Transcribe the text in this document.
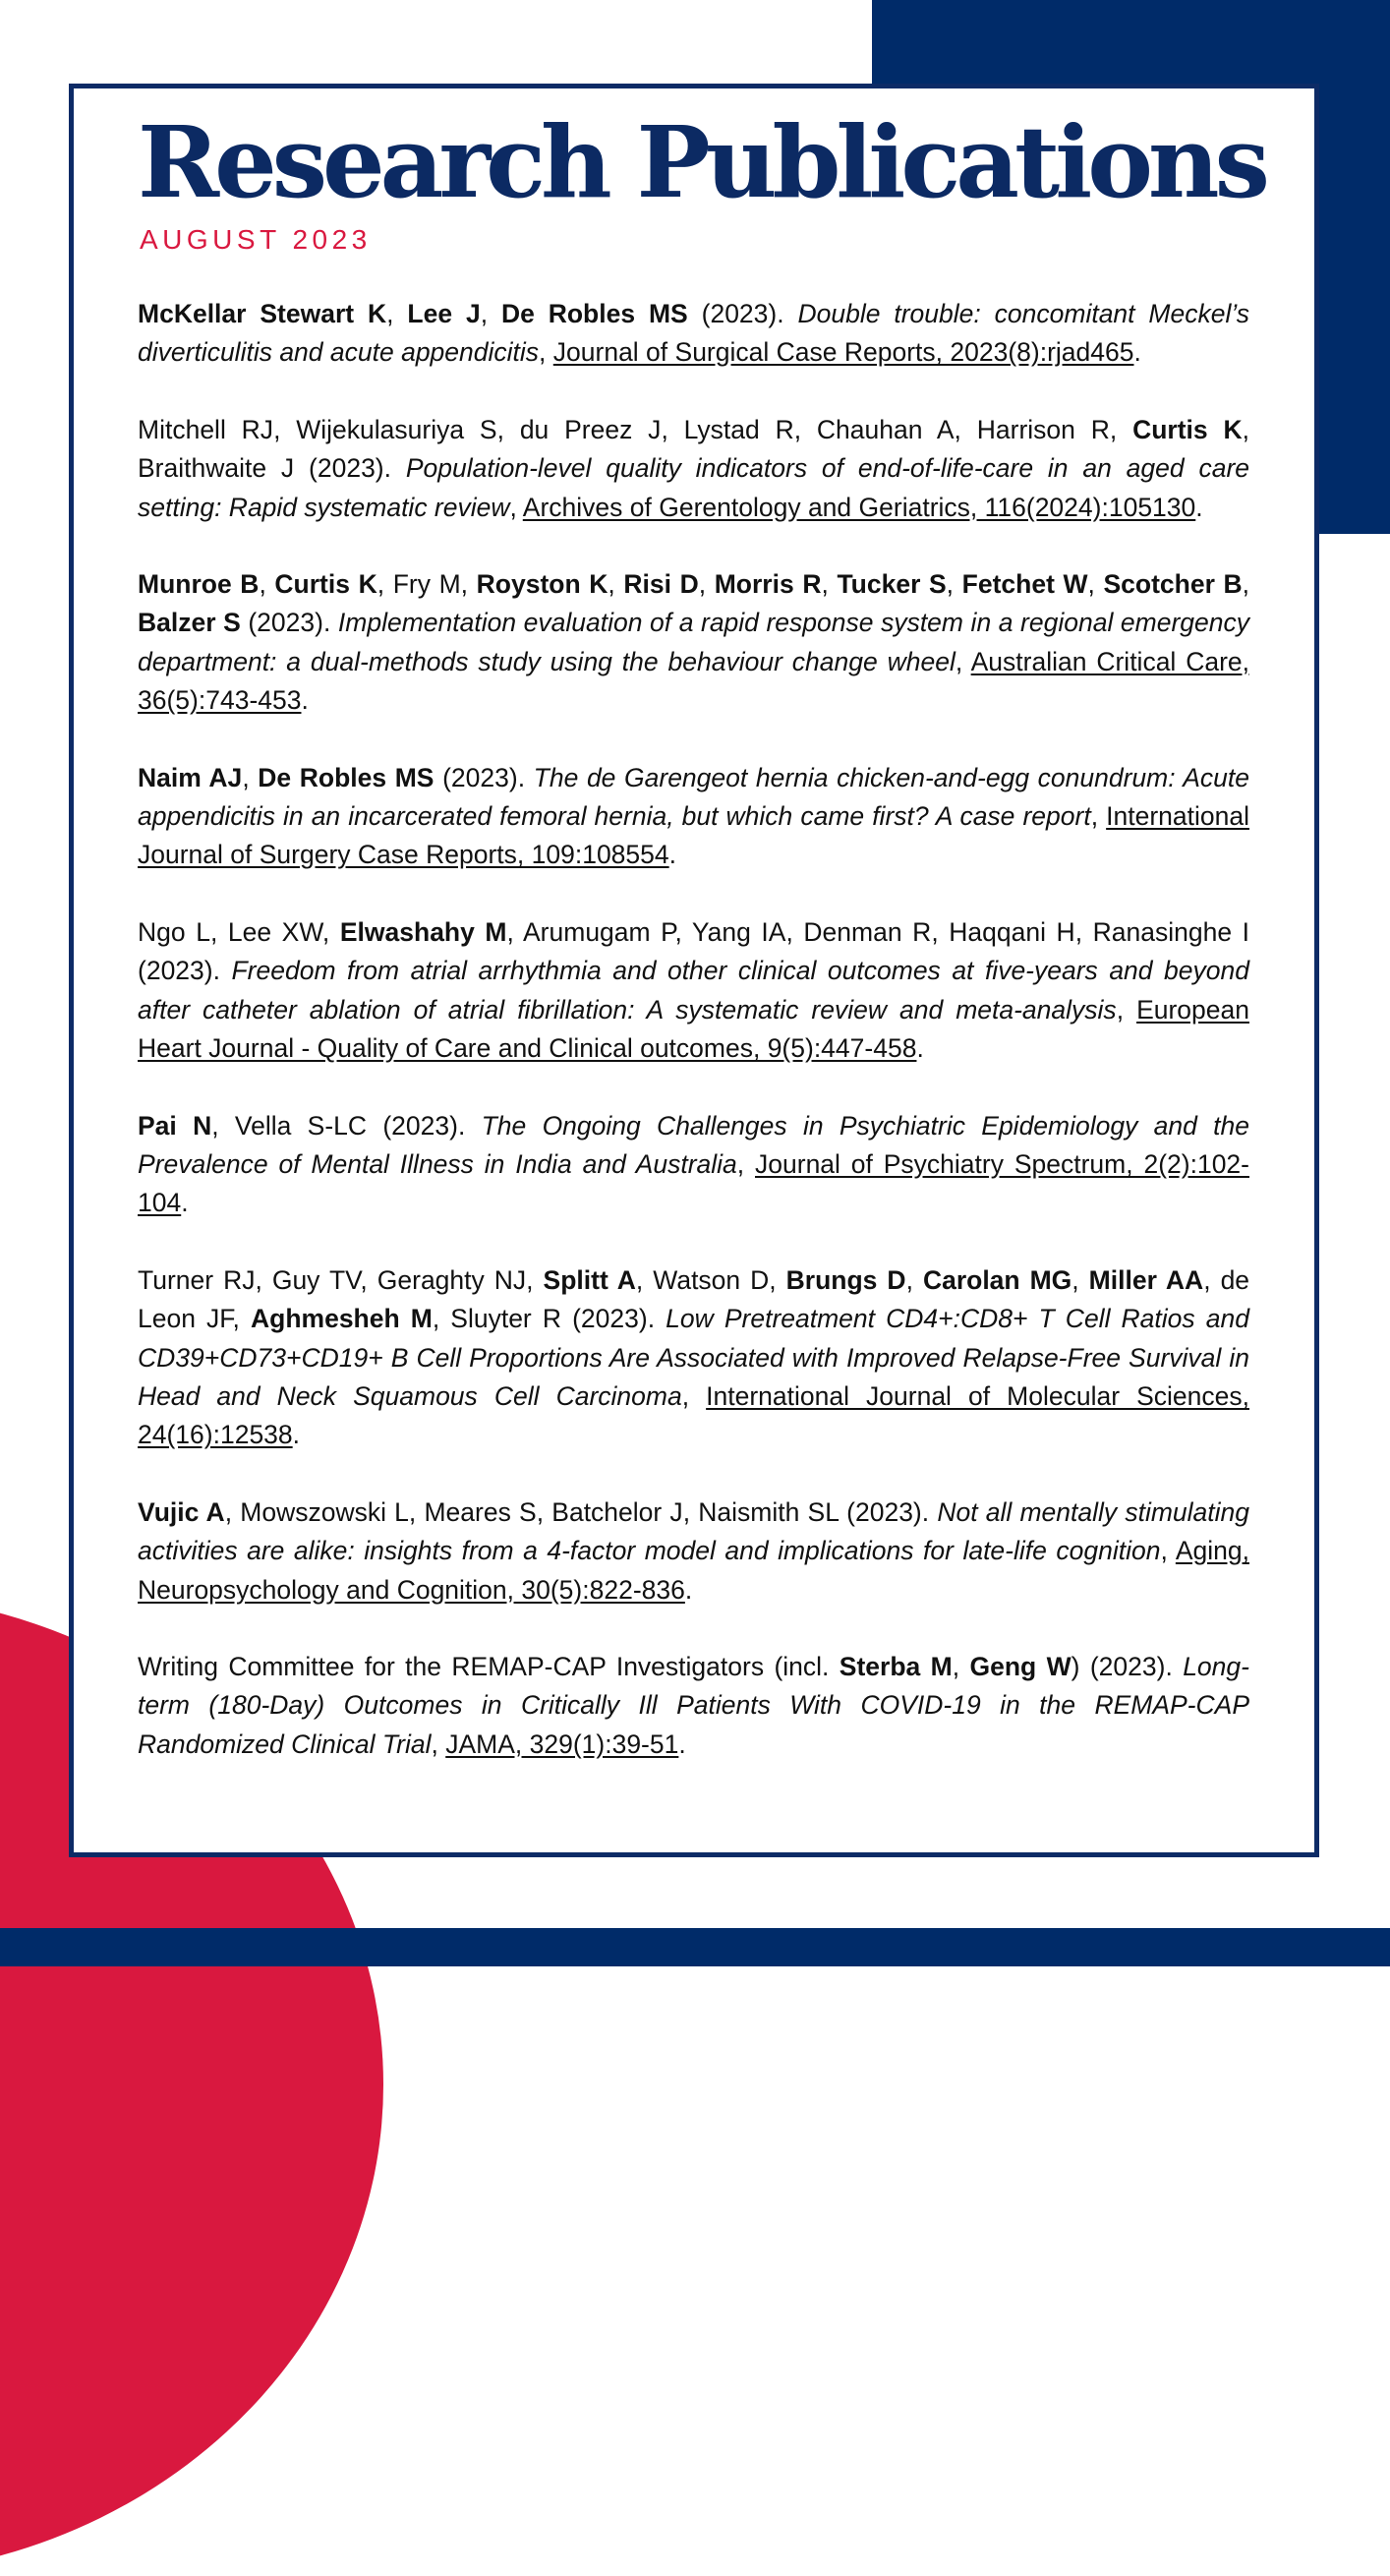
Research Publications
AUGUST 2023

McKellar Stewart K, Lee J, De Robles MS (2023). Double trouble: concomitant Meckel’s diverticulitis and acute appendicitis, Journal of Surgical Case Reports, 2023(8):rjad465.

Mitchell RJ, Wijekulasuriya S, du Preez J, Lystad R, Chauhan A, Harrison R, Curtis K, Braithwaite J (2023). Population-level quality indicators of end-of-life-care in an aged care setting: Rapid systematic review, Archives of Gerentology and Geriatrics, 116(2024):105130.

Munroe B, Curtis K, Fry M, Royston K, Risi D, Morris R, Tucker S, Fetchet W, Scotcher B, Balzer S (2023). Implementation evaluation of a rapid response system in a regional emergency department: a dual-methods study using the behaviour change wheel, Australian Critical Care, 36(5):743-453.

Naim AJ, De Robles MS (2023). The de Garengeot hernia chicken-and-egg conundrum: Acute appendicitis in an incarcerated femoral hernia, but which came first? A case report, International Journal of Surgery Case Reports, 109:108554.

Ngo L, Lee XW, Elwashahy M, Arumugam P, Yang IA, Denman R, Haqqani H, Ranasinghe I (2023). Freedom from atrial arrhythmia and other clinical outcomes at five-years and beyond after catheter ablation of atrial fibrillation: A systematic review and meta-analysis, European Heart Journal - Quality of Care and Clinical outcomes, 9(5):447-458.

Pai N, Vella S-LC (2023). The Ongoing Challenges in Psychiatric Epidemiology and the Prevalence of Mental Illness in India and Australia, Journal of Psychiatry Spectrum, 2(2):102-104.

Turner RJ, Guy TV, Geraghty NJ, Splitt A, Watson D, Brungs D, Carolan MG, Miller AA, de Leon JF, Aghmesheh M, Sluyter R (2023). Low Pretreatment CD4+:CD8+ T Cell Ratios and CD39+CD73+CD19+ B Cell Proportions Are Associated with Improved Relapse-Free Survival in Head and Neck Squamous Cell Carcinoma, International Journal of Molecular Sciences, 24(16):12538.

Vujic A, Mowszowski L, Meares S, Batchelor J, Naismith SL (2023). Not all mentally stimulating activities are alike: insights from a 4-factor model and implications for late-life cognition, Aging, Neuropsychology and Cognition, 30(5):822-836.

Writing Committee for the REMAP-CAP Investigators (incl. Sterba M, Geng W) (2023). Long-term (180-Day) Outcomes in Critically Ill Patients With COVID-19 in the REMAP-CAP Randomized Clinical Trial, JAMA, 329(1):39-51.
